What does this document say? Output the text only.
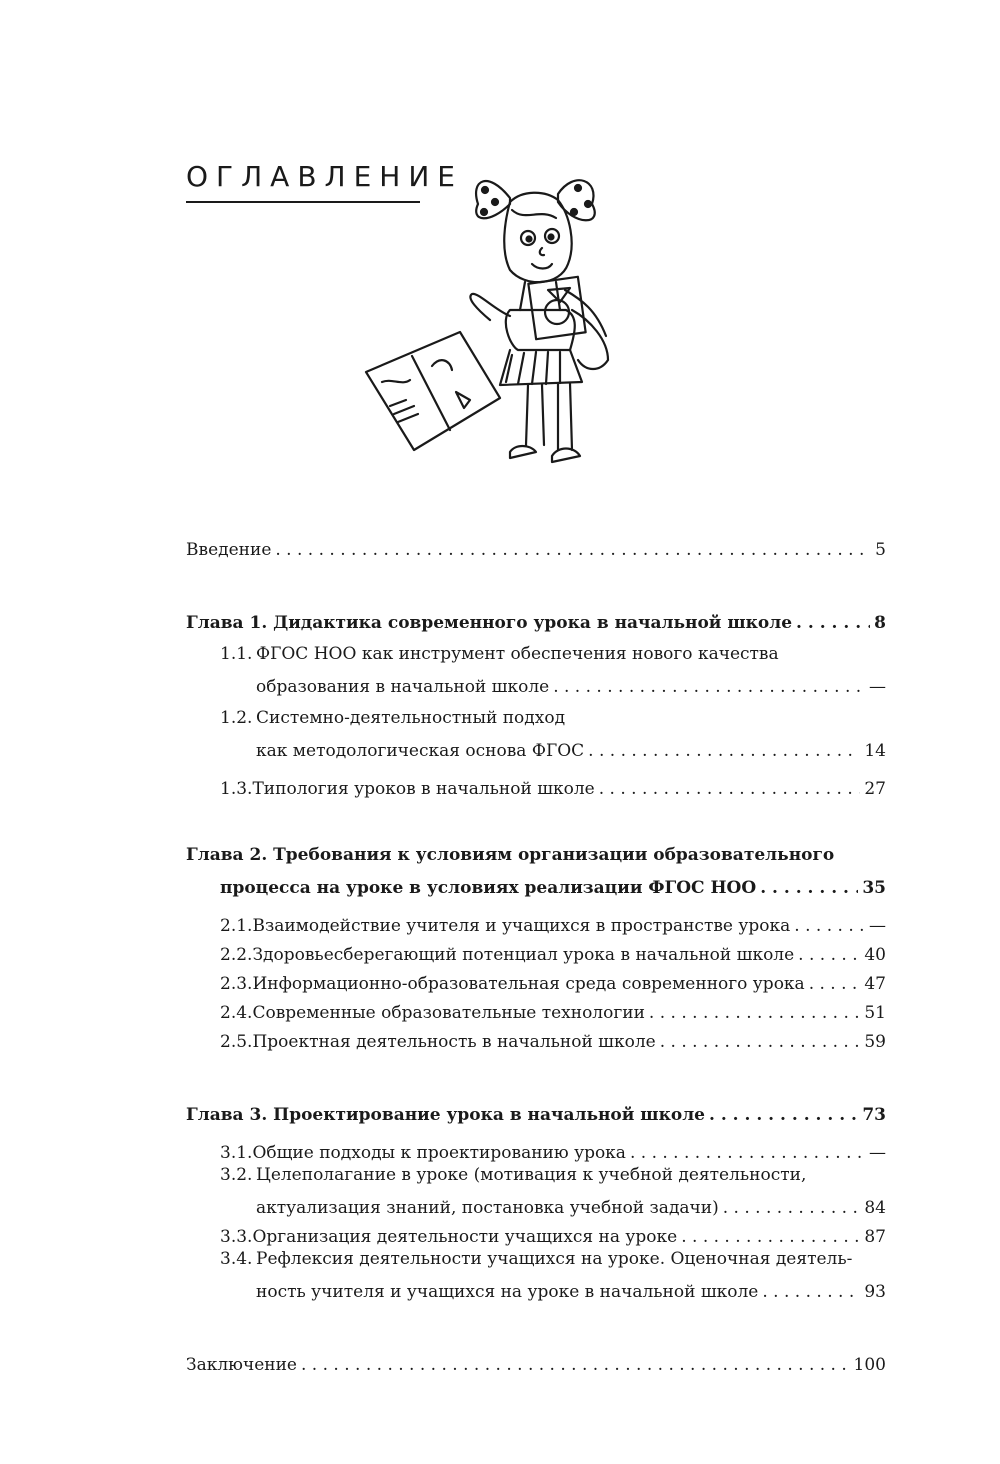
ОГЛАВЛЕНИЕ
Введение . . .	5
Глава 1. Дидактика современного урока в начальной школе . . .	8
1.1. ФГОС НОО как инструмент обеспечения нового качества
образования в начальной школе . . .	—
1.2. Системно-деятельностный подход
как методологическая основа ФГОС . . .	14
1.3. Типология уроков в начальной школе . . .	27
Глава 2. Требования к условиям организации образовательного
процесса на уроке в условиях реализации ФГОС НОО . . .	35
2.1. Взаимодействие учителя и учащихся в пространстве урока . . .	—
2.2. Здоровьесберегающий потенциал урока в начальной школе . . .	40
2.3. Информационно-образовательная среда современного урока . . .	47
2.4. Современные образовательные технологии . . .	51
2.5. Проектная деятельность в начальной школе . . .	59
Глава 3. Проектирование урока в начальной школе . . .	73
3.1. Общие подходы к проектированию урока . . .	—
3.2. Целеполагание в уроке (мотивация к учебной деятельности,
актуализация знаний, постановка учебной задачи) . . .	84
3.3. Организация деятельности учащихся на уроке . . .	87
3.4. Рефлексия деятельности учащихся на уроке. Оценочная деятель-
ность учителя и учащихся на уроке в начальной школе . . .	93
Заключение . . .	100
